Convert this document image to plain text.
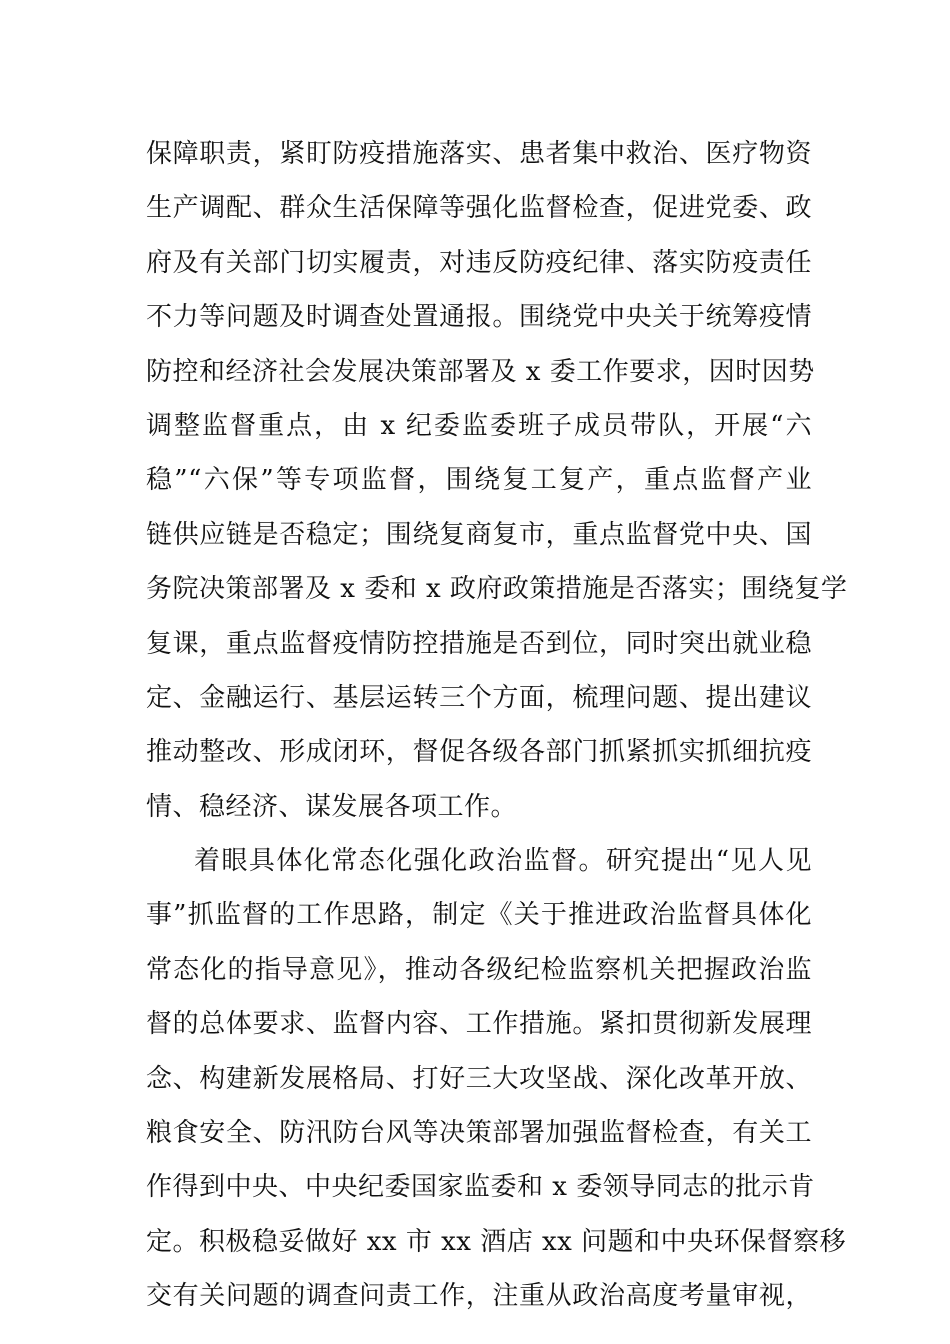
保障职责，紧盯防疫措施落实、患者集中救治、医疗物资
生产调配、群众生活保障等强化监督检查，促进党委、政
府及有关部门切实履责，对违反防疫纪律、落实防疫责任
不力等问题及时调查处置通报。围绕党中央关于统筹疫情
防控和经济社会发展决策部署及 x 委工作要求，因时因势
调整监督重点，由 x 纪委监委班子成员带队，开展“六
稳”“六保”等专项监督，围绕复工复产，重点监督产业
链供应链是否稳定；围绕复商复市，重点监督党中央、国
务院决策部署及 x 委和 x 政府政策措施是否落实；围绕复学
复课，重点监督疫情防控措施是否到位，同时突出就业稳
定、金融运行、基层运转三个方面，梳理问题、提出建议
推动整改、形成闭环，督促各级各部门抓紧抓实抓细抗疫
情、稳经济、谋发展各项工作。
着眼具体化常态化强化政治监督。研究提出“见人见
事”抓监督的工作思路，制定《关于推进政治监督具体化
常态化的指导意见》，推动各级纪检监察机关把握政治监
督的总体要求、监督内容、工作措施。紧扣贯彻新发展理
念、构建新发展格局、打好三大攻坚战、深化改革开放、
粮食安全、防汛防台风等决策部署加强监督检查，有关工
作得到中央、中央纪委国家监委和 x 委领导同志的批示肯
定。积极稳妥做好 xx 市 xx 酒店 xx 问题和中央环保督察移
交有关问题的调查问责工作，注重从政治高度考量审视，
